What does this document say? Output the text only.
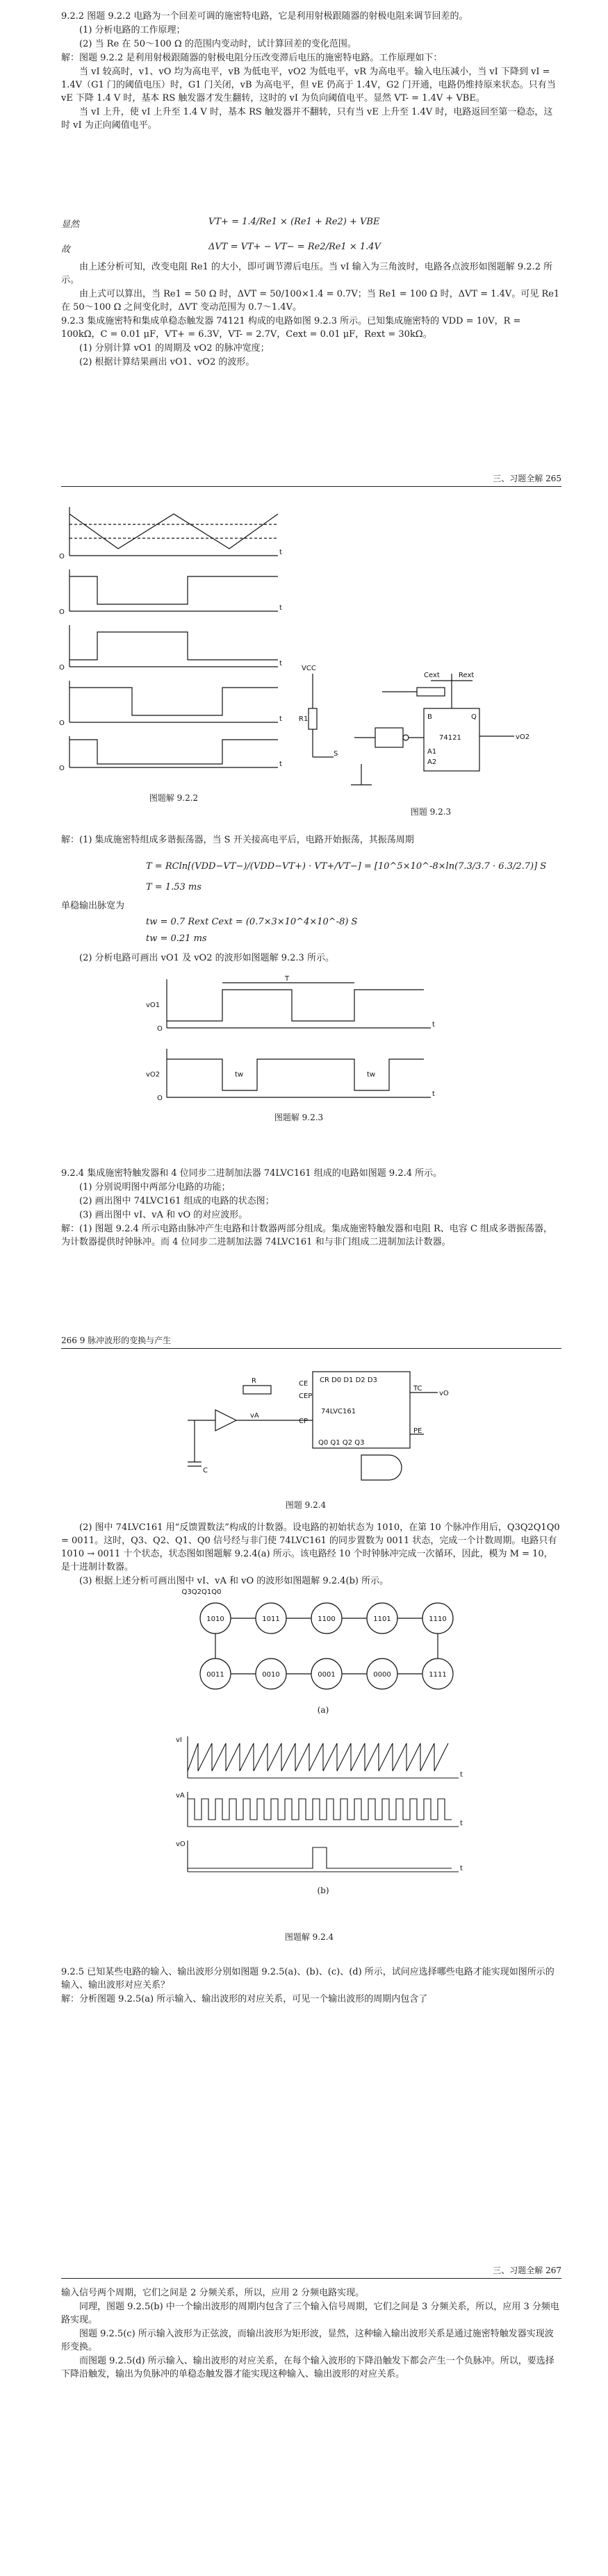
9.2.2 图题 9.2.2 电路为一个回差可调的施密特电路，它是利用射极跟随器的射极电阻来调节回差的。

(1) 分析电路的工作原理；

(2) 当 Re 在 50～100 Ω 的范围内变动时，试计算回差的变化范围。

解：图题 9.2.2 是利用射极跟随器的射极电阻分压改变滞后电压的施密特电路。工作原理如下：

当 vI 较高时，v1、vO 均为高电平，vB 为低电平，vO2 为低电平，vR 为高电平。输入电压减小，当 vI 下降到 vI = 1.4V（G1 门的阈值电压）时，G1 门关闭，vB 为高电平，但 vE 仍高于 1.4V，G2 门开通，电路仍维持原来状态。只有当 vE 下降 1.4 V 时，基本 RS 触发器才发生翻转，这时的 vI 为负向阈值电平。显然 VT- = 1.4V + VBE。

当 vI 上升，使 vI 上升至 1.4 V 时，基本 RS 触发器并不翻转，只有当 vE 上升至 1.4V 时，电路返回至第一稳态，这时 vI 为正向阈值电平。

显然	VT+ = 1.4/Re1 × (Re1 + Re2) + VBE
故	ΔVT = VT+ − VT− = Re2/Re1 × 1.4V

由上述分析可知，改变电阻 Re1 的大小，即可调节滞后电压。当 vI 输入为三角波时，电路各点波形如图题解 9.2.2 所示。

由上式可以算出，当 Re1 = 50 Ω 时，ΔVT = 50/100×1.4 = 0.7V；当 Re1 = 100 Ω 时，ΔVT = 1.4V。可见 Re1 在 50～100 Ω 之间变化时，ΔVT 变动范围为 0.7～1.4V。

9.2.3 集成施密特和集成单稳态触发器 74121 构成的电路如图 9.2.3 所示。已知集成施密特的 VDD = 10V，R = 100kΩ，C = 0.01 μF，VT+ = 6.3V，VT- = 2.7V，Cext = 0.01 μF，Rext = 30kΩ。

(1) 分别计算 vO1 的周期及 vO2 的脉冲宽度；

(2) 根据计算结果画出 vO1、vO2 的波形。

三、习题全解 265
O
t
O
t
O
t
O
t
O
t
图题解 9.2.2
VCC
R1
S
74121	vO2
B
A1
A2
Q
Cext	Rext
图题 9.2.3

解：(1) 集成施密特组成多谐振荡器，当 S 开关接高电平后，电路开始振荡，其振荡周期

T = RCln[(VDD−VT−)/(VDD−VT+) · VT+/VT−] = [10^5×10^-8×ln(7.3/3.7 · 6.3/2.7)] S
T = 1.53 ms

单稳输出脉宽为

tw = 0.7 Rext Cext = (0.7×3×10^4×10^-8) S
tw = 0.21 ms

(2) 分析电路可画出 vO1 及 vO2 的波形如图题解 9.2.3 所示。

vO1
vO2
O
O
t
t
T
tw	tw
图题解 9.2.3

9.2.4 集成施密特触发器和 4 位同步二进制加法器 74LVC161 组成的电路如图题 9.2.4 所示。

(1) 分别说明图中两部分电路的功能；

(2) 画出图中 74LVC161 组成的电路的状态图；

(3) 画出图中 vI、vA 和 vO 的对应波形。

解：(1) 图题 9.2.4 所示电路由脉冲产生电路和计数器两部分组成。集成施密特触发器和电阻 R、电容 C 组成多谐振荡器，为计数器提供时钟脉冲。而 4 位同步二进制加法器 74LVC161 和与非门组成二进制加法计数器。

266 9 脉冲波形的变换与产生
74LVC161
CE
CEP
CP
CR D0 D1 D2 D3
TC
vO
Q0 Q1 Q2 Q3
PE
R
C
vA
图题 9.2.4

(2) 图中 74LVC161 用“反馈置数法”构成的计数器。设电路的初始状态为 1010，在第 10 个脉冲作用后，Q3Q2Q1Q0 = 0011。这时，Q3、Q2、Q1、Q0 信号经与非门使 74LVC161 的同步置数为 0011 状态，完成一个计数周期。电路只有 1010 → 0011 十个状态，状态图如图题解 9.2.4(a) 所示。该电路经 10 个时钟脉冲完成一次循环，因此，模为 M = 10，是十进制计数器。

(3) 根据上述分析可画出图中 vI、vA 和 vO 的波形如图题解 9.2.4(b) 所示。

1010	1011	1100	1101	1110
0011	0010	0001	0000	1111
Q3Q2Q1Q0
(a)
vI
vA
vO
t
t
t
(b)
图题解 9.2.4

9.2.5 已知某些电路的输入、输出波形分别如图题 9.2.5(a)、(b)、(c)、(d) 所示，试问应选择哪些电路才能实现如图所示的输入、输出波形对应关系？

解：分析图题 9.2.5(a) 所示输入、输出波形的对应关系，可见一个输出波形的周期内包含了

三、习题全解 267

输入信号两个周期，它们之间是 2 分频关系，所以，应用 2 分频电路实现。

同理，图题 9.2.5(b) 中一个输出波形的周期内包含了三个输入信号周期，它们之间是 3 分频关系，所以，应用 3 分频电路实现。

图题 9.2.5(c) 所示输入波形为正弦波，而输出波形为矩形波，显然，这种输入输出波形关系是通过施密特触发器实现波形变换。

而图题 9.2.5(d) 所示输入、输出波形的对应关系，在每个输入波形的下降沿触发下都会产生一个负脉冲。所以，要选择下降沿触发，输出为负脉冲的单稳态触发器才能实现这种输入、输出波形的对应关系。
